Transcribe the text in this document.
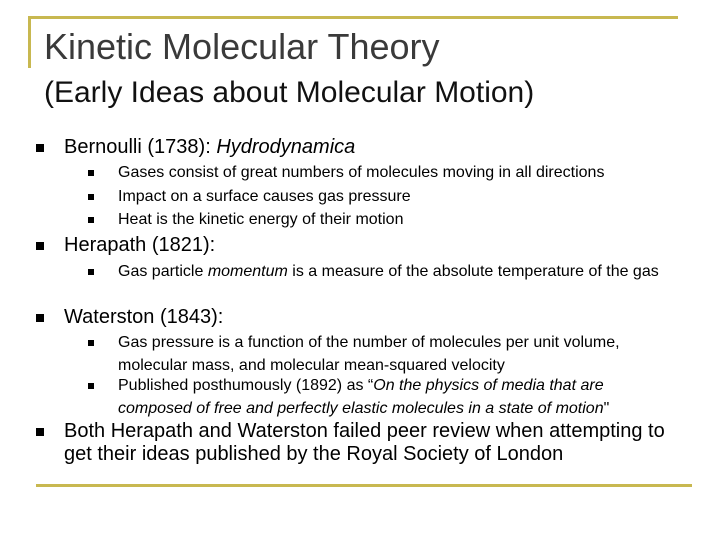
Kinetic Molecular Theory
(Early Ideas about Molecular Motion)
Bernoulli (1738): Hydrodynamica
Gases consist of great numbers of molecules moving in all directions
Impact on a surface causes gas pressure
Heat is the kinetic energy of their motion
Herapath (1821):
Gas particle momentum is a measure of the absolute temperature of the gas
Waterston (1843):
Gas pressure is a function of the number of molecules per unit volume, molecular mass, and molecular mean-squared velocity
Published posthumously (1892) as “On the physics of media that are composed of free and perfectly elastic molecules in a state of motion"
Both Herapath and Waterston failed peer review when attempting to get their ideas published by the Royal Society of London
